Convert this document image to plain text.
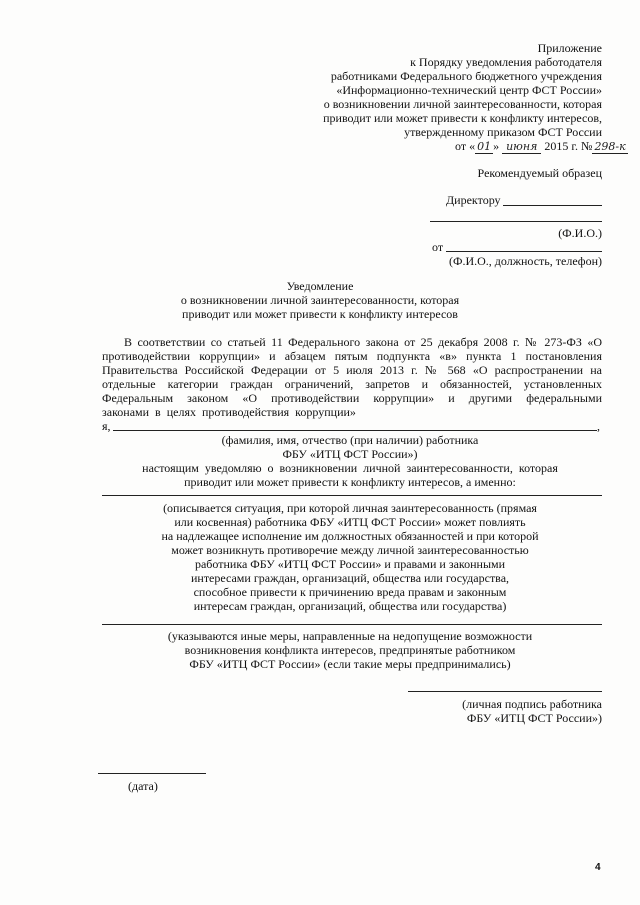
Приложение
к Порядку уведомления работодателя
работниками Федерального бюджетного учреждения
«Информационно-технический центр ФСТ России»
о возникновении личной заинтересованности, которая
приводит или может привести к конфликту интересов,
утвержденному приказом ФСТ России
от « 01 » июня 2015 г. № 298-к
Рекомендуемый образец
Директору
(Ф.И.О.)
от
(Ф.И.О., должность, телефон)
Уведомление
о возникновении личной заинтересованности, которая
приводит или может привести к конфликту интересов
В соответствии со статьей 11 Федерального закона от 25 декабря 2008 г. № 273-ФЗ «О
противодействии коррупции» и абзацем пятым подпункта «в» пункта 1 постановления
Правительства Российской Федерации от 5 июля 2013 г. № 568 «О распространении на
отдельные категории граждан ограничений, запретов и обязанностей, установленных
Федеральным законом «О противодействии коррупции» и другими федеральными
законами в целях противодействия коррупции»
я,	,
(фамилия, имя, отчество (при наличии) работника
ФБУ «ИТЦ ФСТ России»)
настоящим уведомляю о возникновении личной заинтересованности, которая
приводит или может привести к конфликту интересов, а именно:
(описывается ситуация, при которой личная заинтересованность (прямая
или косвенная) работника ФБУ «ИТЦ ФСТ России» может повлиять
на надлежащее исполнение им должностных обязанностей и при которой
может возникнуть противоречие между личной заинтересованностью
работника ФБУ «ИТЦ ФСТ России» и правами и законными
интересами граждан, организаций, общества или государства,
способное привести к причинению вреда правам и законным
интересам граждан, организаций, общества или государства)
(указываются иные меры, направленные на недопущение возможности
возникновения конфликта интересов, предпринятые работником
ФБУ «ИТЦ ФСТ России» (если такие меры предпринимались)
(личная подпись работника
ФБУ «ИТЦ ФСТ России»)
(дата)
4
